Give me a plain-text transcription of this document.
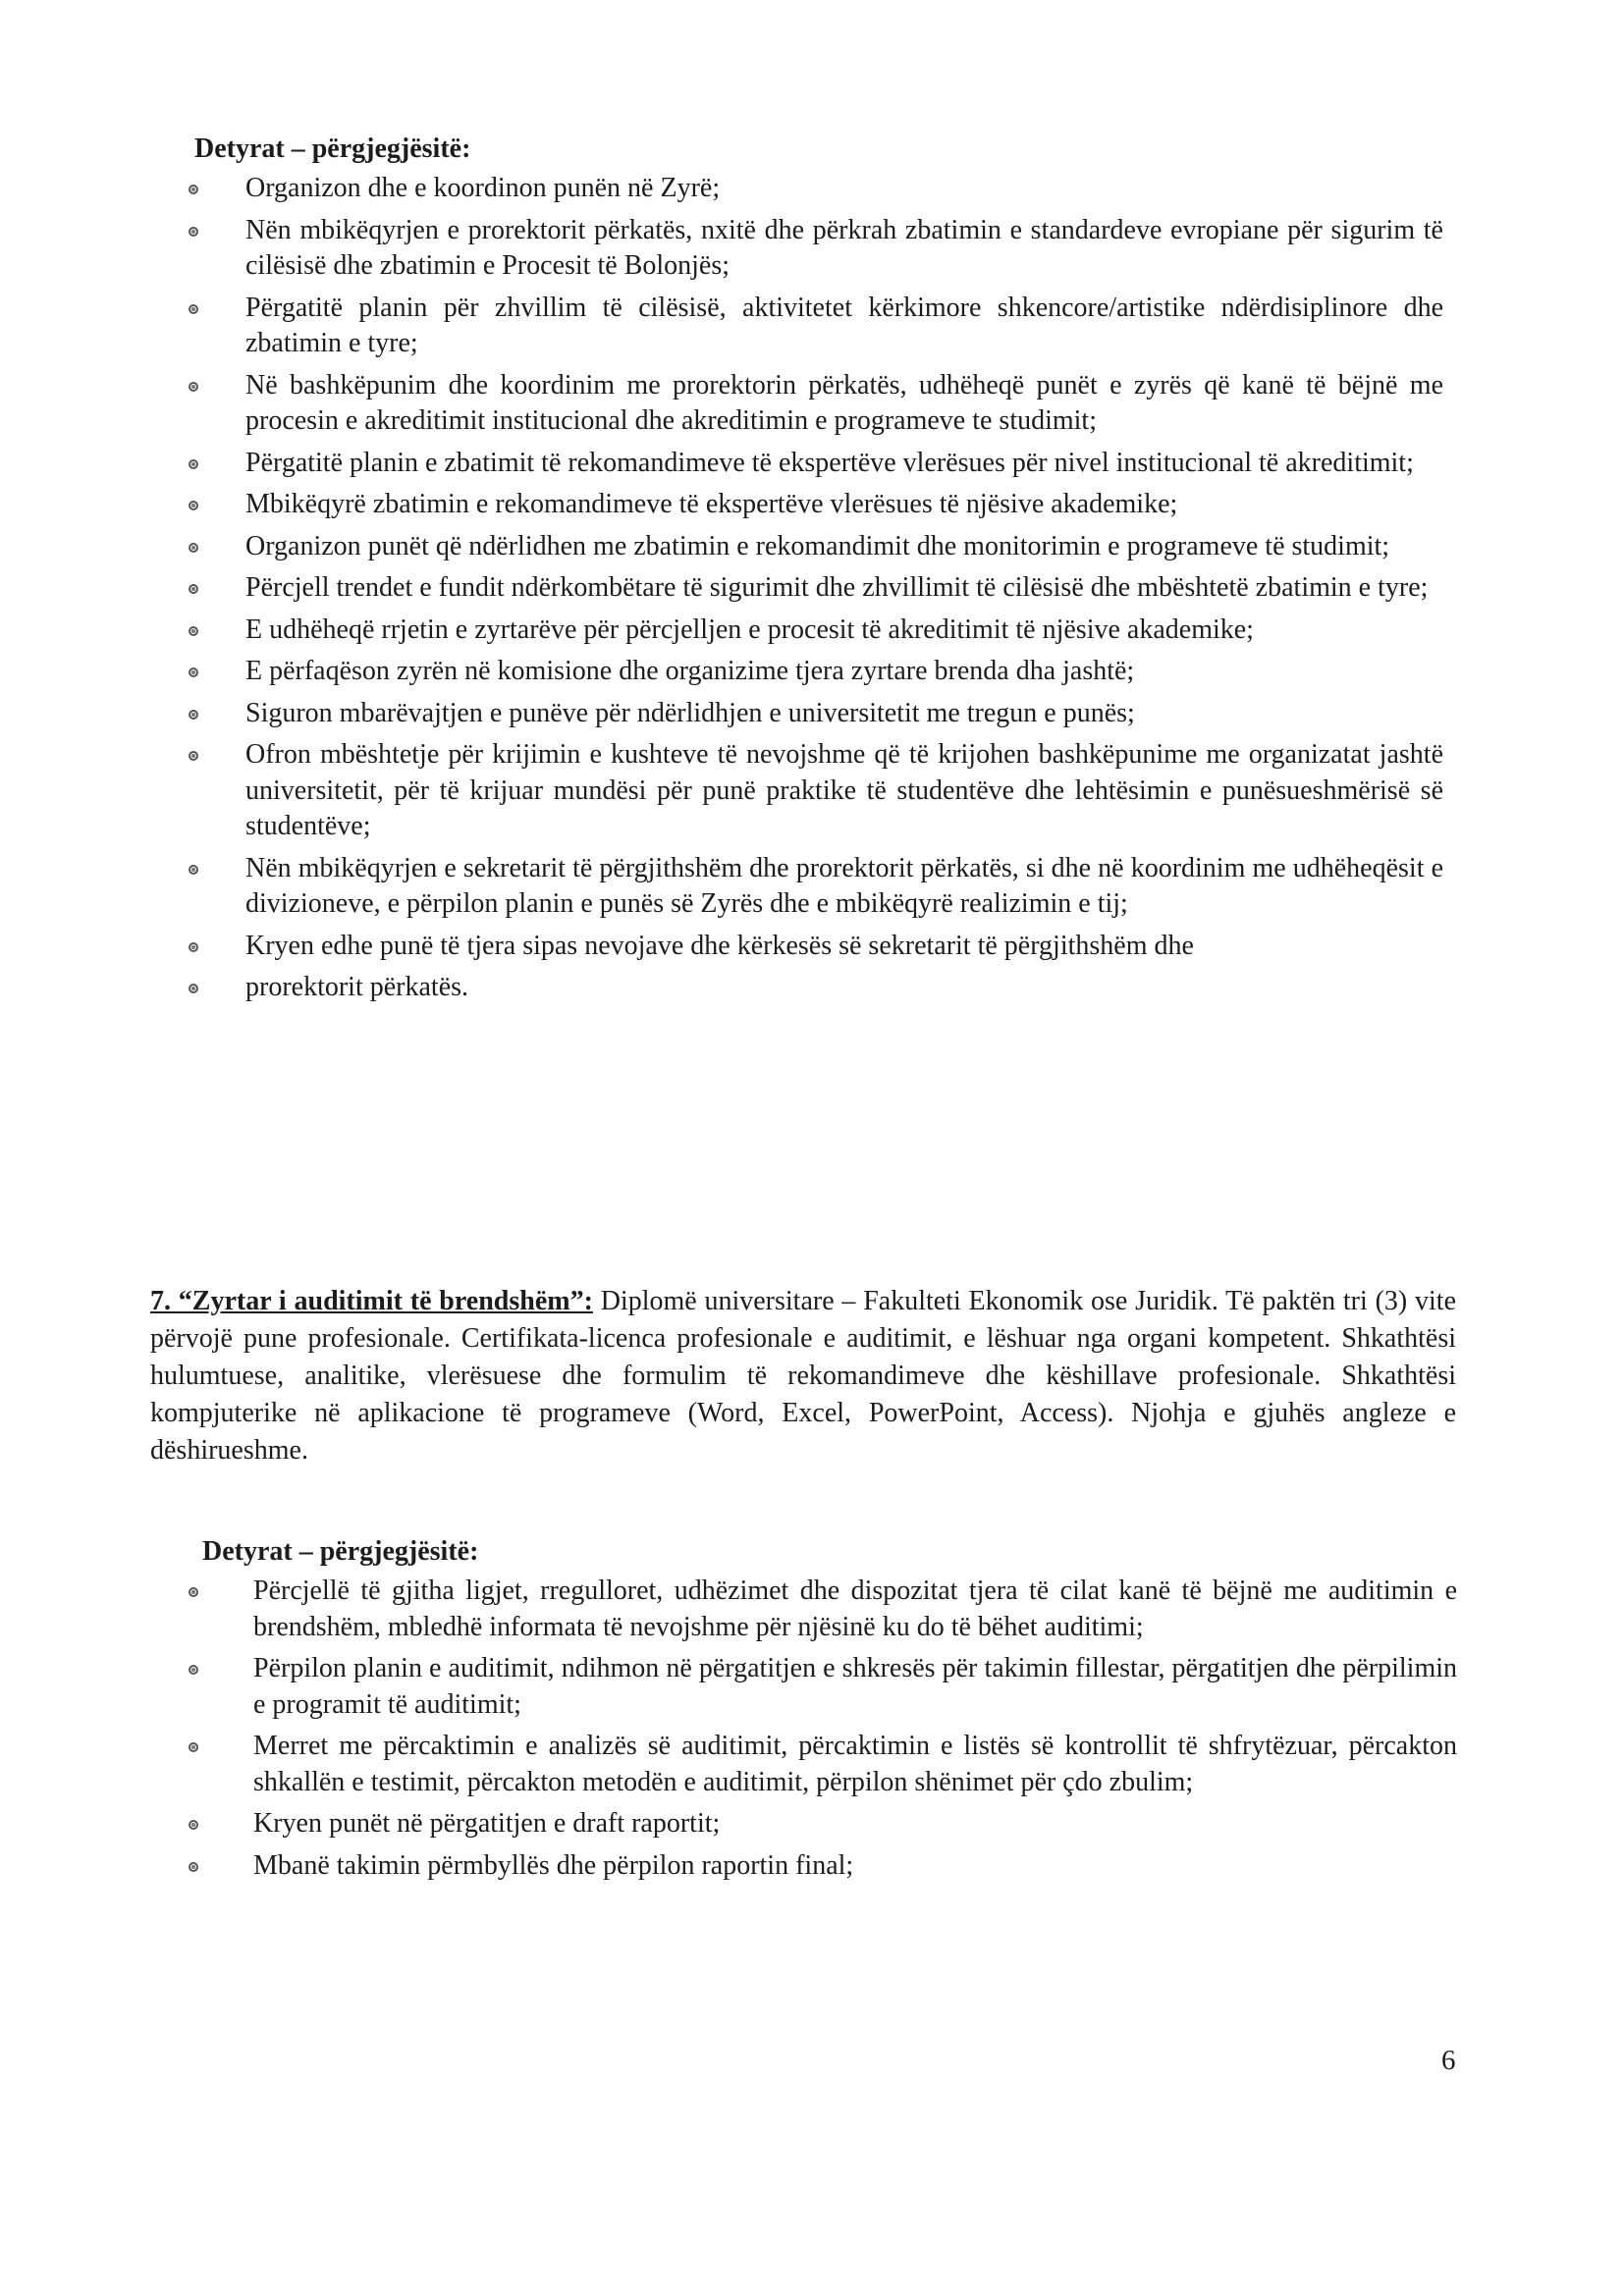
Detyrat – përgjegjësitë:
Organizon dhe e koordinon punën në Zyrë;
Nën mbikëqyrjen e prorektorit përkatës, nxitë dhe përkrah zbatimin e standardeve evropiane për sigurim të cilësisë dhe zbatimin e Procesit të Bolonjës;
Përgatitë planin për zhvillim të cilësisë, aktivitetet kërkimore shkencore/artistike ndërdisiplinore dhe zbatimin e tyre;
Në bashkëpunim dhe koordinim me prorektorin përkatës, udhëheqë punët e zyrës që kanë të bëjnë me procesin e akreditimit institucional dhe akreditimin e programeve te studimit;
Përgatitë planin e zbatimit të rekomandimeve të ekspertëve vlerësues për nivel institucional të akreditimit;
Mbikëqyrë zbatimin e rekomandimeve të ekspertëve vlerësues të njësive akademike;
Organizon punët që ndërlidhen me zbatimin e rekomandimit dhe monitorimin e programeve të studimit;
Përcjell trendet e fundit ndërkombëtare të sigurimit dhe zhvillimit të cilësisë dhe mbështetë zbatimin e tyre;
E udhëheqë rrjetin e zyrtarëve për përcjelljen e procesit të akreditimit të njësive akademike;
E përfaqëson zyrën në komisione dhe organizime tjera zyrtare brenda dha jashtë;
Siguron mbarëvajtjen e punëve për ndërlidhjen e universitetit me tregun e punës;
Ofron mbështetje për krijimin e kushteve të nevojshme që të krijohen bashkëpunime me organizatat jashtë universitetit, për të krijuar mundësi për punë praktike të studentëve dhe lehtësimin e punësueshmërisë së studentëve;
Nën mbikëqyrjen e sekretarit të përgjithshëm dhe prorektorit përkatës, si dhe në koordinim me udhëheqësit e divizioneve, e përpilon planin e punës së Zyrës dhe e mbikëqyrë realizimin e tij;
Kryen edhe punë të tjera sipas nevojave dhe kërkesës së sekretarit të përgjithshëm dhe
prorektorit përkatës.
7. “Zyrtar i auditimit të brendshëm”: Diplomë universitare – Fakulteti Ekonomik ose Juridik. Të paktën tri (3) vite përvojë pune profesionale. Certifikata-licenca profesionale e auditimit, e lëshuar nga organi kompetent. Shkathtësi hulumtuese, analitike, vlerësuese dhe formulim të rekomandimeve dhe këshillave profesionale. Shkathtësi kompjuterike në aplikacione të programeve (Word, Excel, PowerPoint, Access). Njohja e gjuhës angleze e dëshirueshme.
Detyrat – përgjegjësitë:
Përcjellë të gjitha ligjet, rregulloret, udhëzimet dhe dispozitat tjera të cilat kanë të bëjnë me auditimin e brendshëm, mbledhë informata të nevojshme për njësinë ku do të bëhet auditimi;
Përpilon planin e auditimit, ndihmon në përgatitjen e shkresës për takimin fillestar, përgatitjen dhe përpilimin e programit të auditimit;
Merret me përcaktimin e analizës së auditimit, përcaktimin e listës së kontrollit të shfrytëzuar, përcakton shkallën e testimit, përcakton metodën e auditimit, përpilon shënimet për çdo zbulim;
Kryen punët në përgatitjen e draft raportit;
Mbanë takimin përmbyllës dhe përpilon raportin final;
6
